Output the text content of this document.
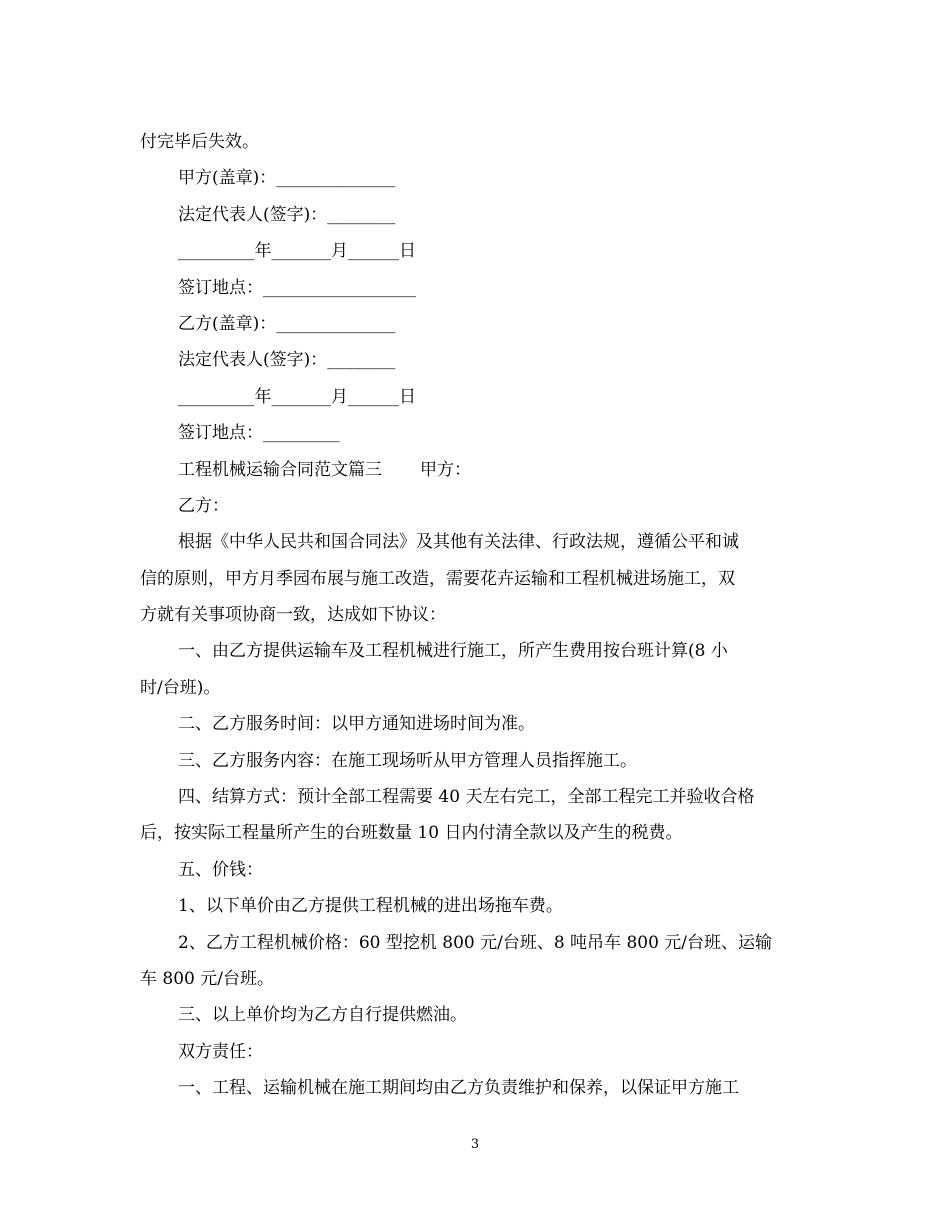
付完毕后失效。
甲方(盖章)：______________
法定代表人(签字)：________
_________年_______月______日
签订地点：__________________
乙方(盖章)：______________
法定代表人(签字)：________
_________年_______月______日
签订地点：_________
工程机械运输合同范文篇三 甲方：
乙方：
根据《中华人民共和国合同法》及其他有关法律、行政法规，遵循公平和诚
信的原则，甲方月季园布展与施工改造，需要花卉运输和工程机械进场施工，双
方就有关事项协商一致，达成如下协议：
一、由乙方提供运输车及工程机械进行施工，所产生费用按台班计算(8 小
时/台班)。
二、乙方服务时间：以甲方通知进场时间为准。
三、乙方服务内容：在施工现场听从甲方管理人员指挥施工。
四、结算方式：预计全部工程需要 40 天左右完工，全部工程完工并验收合格
后，按实际工程量所产生的台班数量 10 日内付清全款以及产生的税费。
五、价钱：
1、以下单价由乙方提供工程机械的进出场拖车费。
2、乙方工程机械价格：60 型挖机 800 元/台班、8 吨吊车 800 元/台班、运输
车 800 元/台班。
三、以上单价均为乙方自行提供燃油。
双方责任：
一、工程、运输机械在施工期间均由乙方负责维护和保养，以保证甲方施工
3
